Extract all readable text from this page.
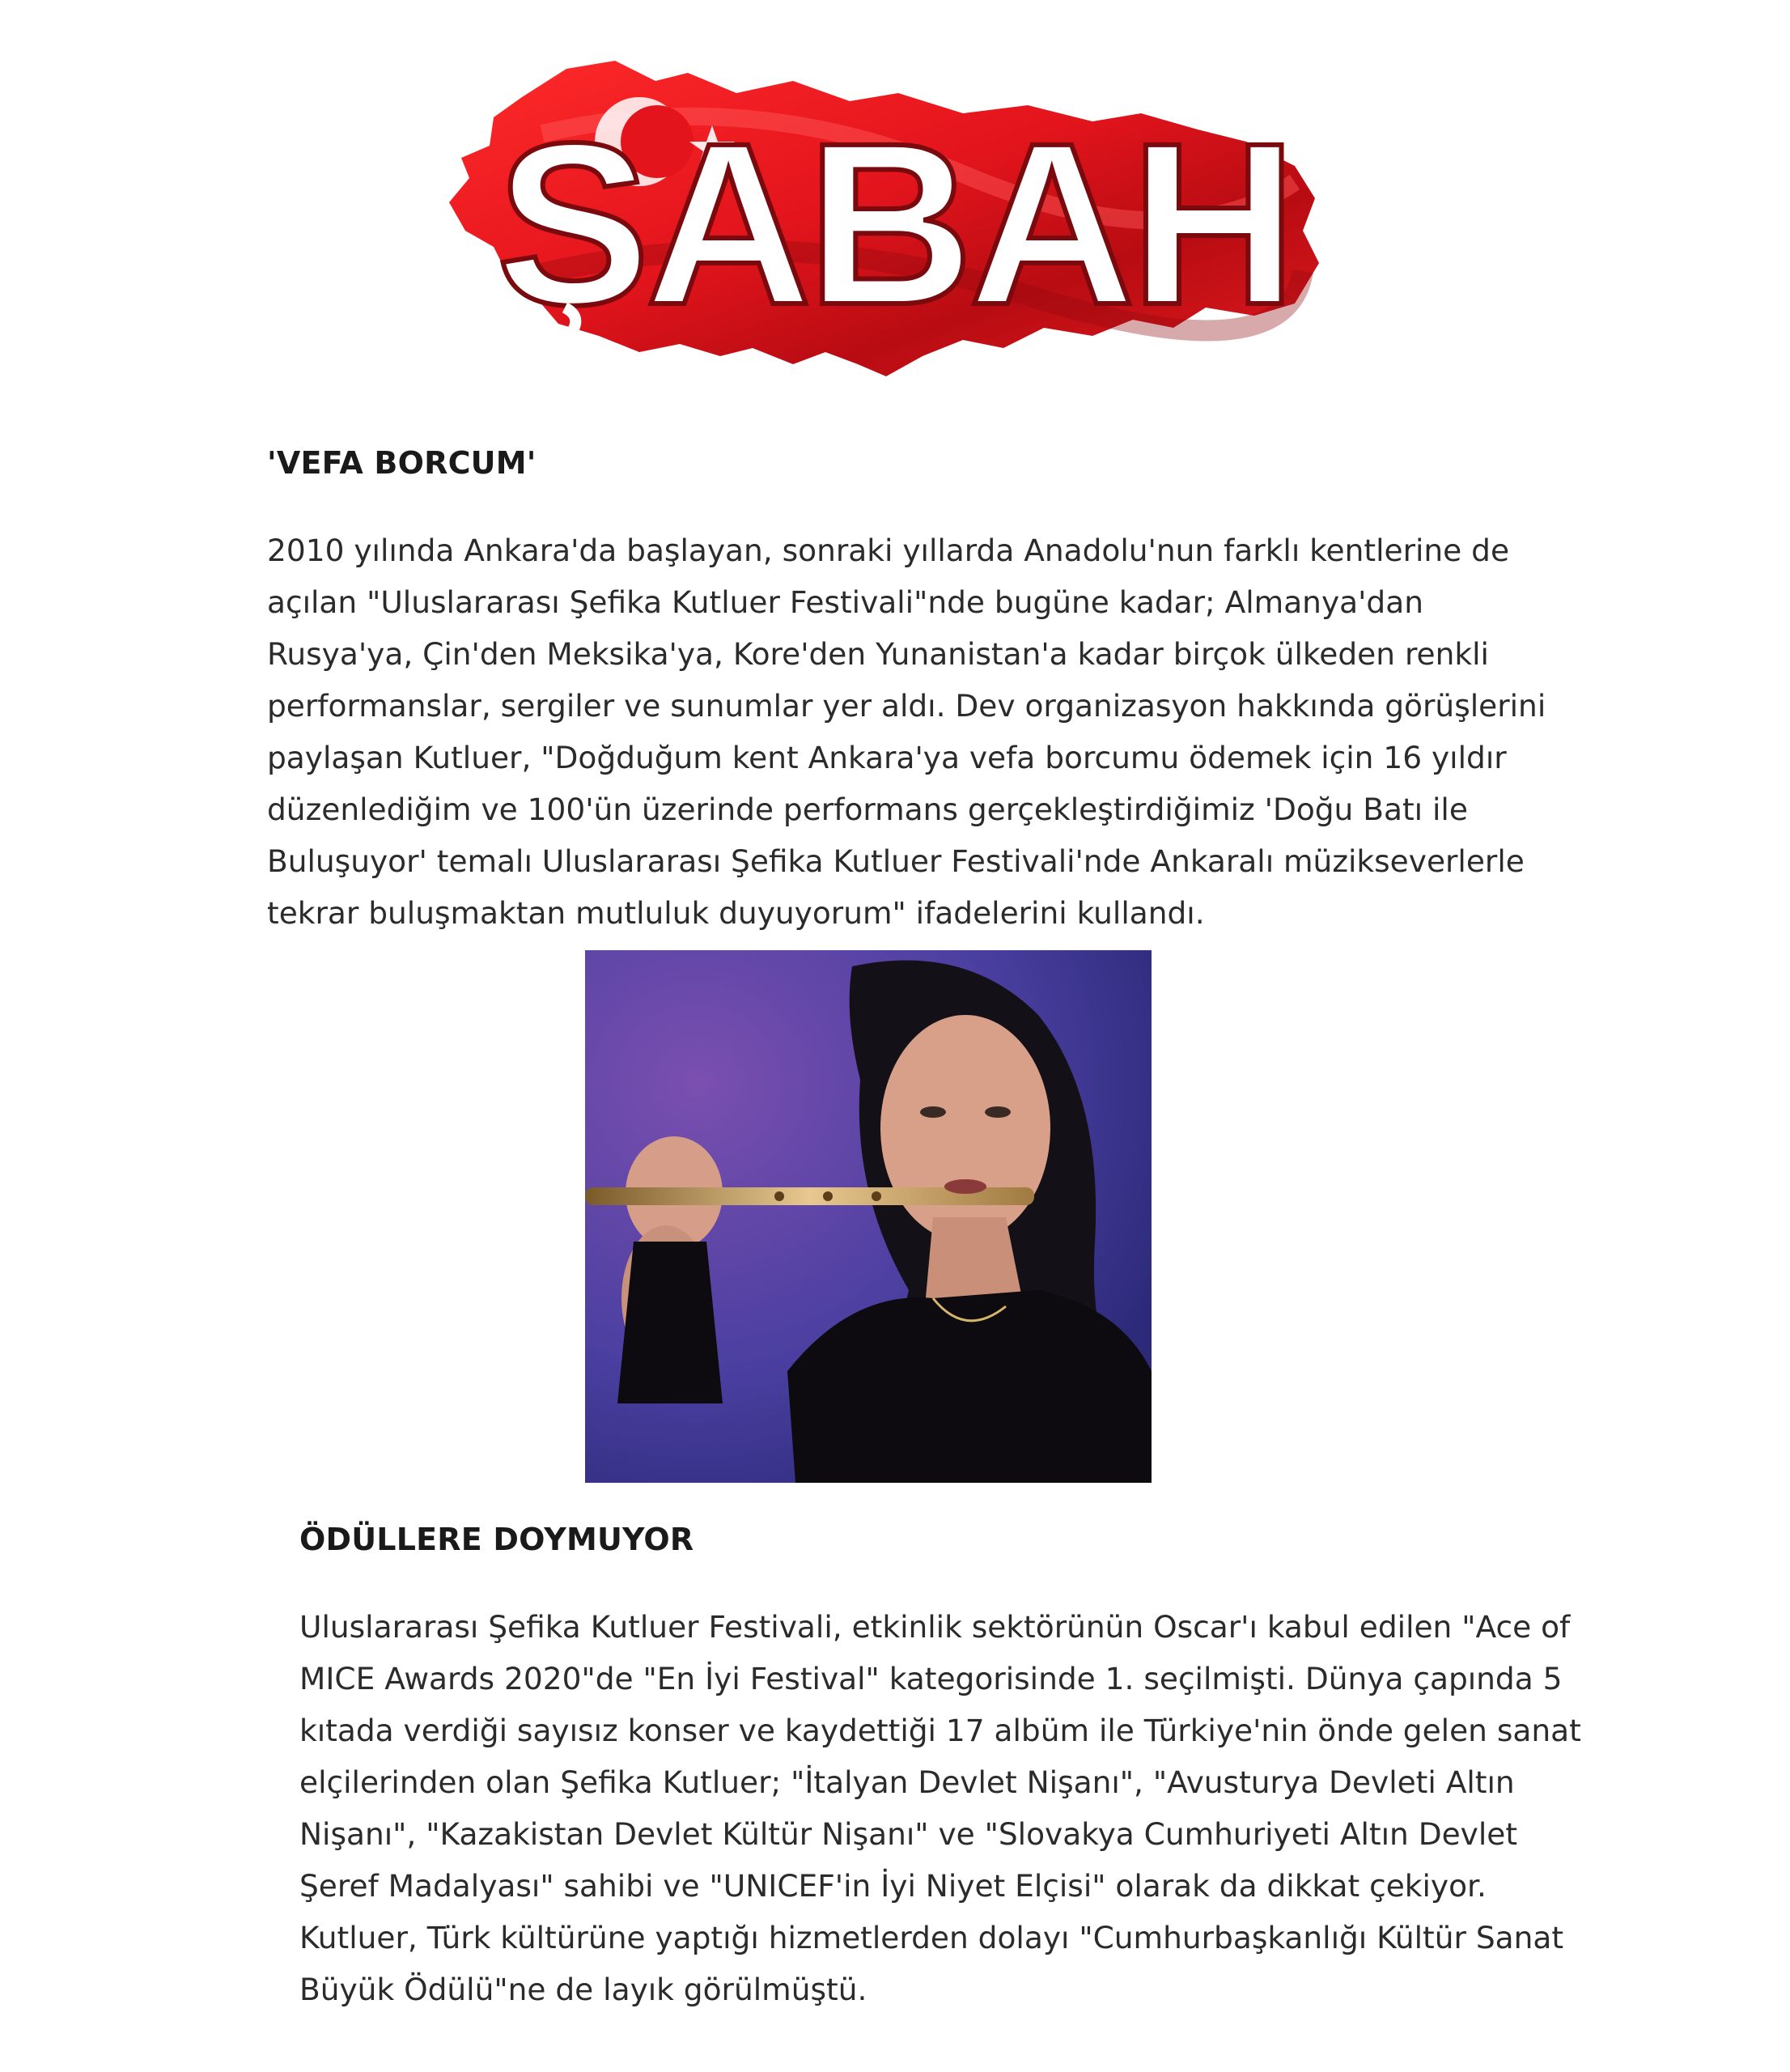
SABAH
'VEFA BORCUM'
2010 yılında Ankara'da başlayan, sonraki yıllarda Anadolu'nun farklı kentlerine de
açılan "Uluslararası Şefika Kutluer Festivali"nde bugüne kadar; Almanya'dan
Rusya'ya, Çin'den Meksika'ya, Kore'den Yunanistan'a kadar birçok ülkeden renkli
performanslar, sergiler ve sunumlar yer aldı. Dev organizasyon hakkında görüşlerini
paylaşan Kutluer, "Doğduğum kent Ankara'ya vefa borcumu ödemek için 16 yıldır
düzenlediğim ve 100'ün üzerinde performans gerçekleştirdiğimiz 'Doğu Batı ile
Buluşuyor' temalı Uluslararası Şefika Kutluer Festivali'nde Ankaralı müzikseverlerle
tekrar buluşmaktan mutluluk duyuyorum" ifadelerini kullandı.
ÖDÜLLERE DOYMUYOR
Uluslararası Şefika Kutluer Festivali, etkinlik sektörünün Oscar'ı kabul edilen "Ace of
MICE Awards 2020"de "En İyi Festival" kategorisinde 1. seçilmişti. Dünya çapında 5
kıtada verdiği sayısız konser ve kaydettiği 17 albüm ile Türkiye'nin önde gelen sanat
elçilerinden olan Şefika Kutluer; "İtalyan Devlet Nişanı", "Avusturya Devleti Altın
Nişanı", "Kazakistan Devlet Kültür Nişanı" ve "Slovakya Cumhuriyeti Altın Devlet
Şeref Madalyası" sahibi ve "UNICEF'in İyi Niyet Elçisi" olarak da dikkat çekiyor.
Kutluer, Türk kültürüne yaptığı hizmetlerden dolayı "Cumhurbaşkanlığı Kültür Sanat
Büyük Ödülü"ne de layık görülmüştü.
